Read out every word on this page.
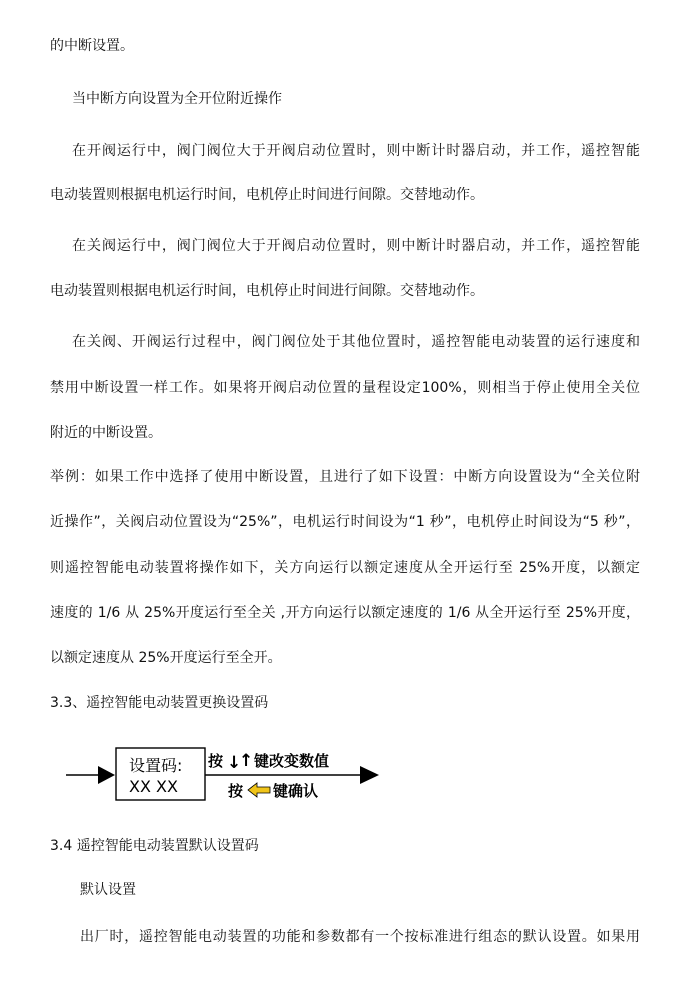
的中断设置。
当中断方向设置为全开位附近操作
在开阀运行中，阀门阀位大于开阀启动位置时，则中断计时器启动，并工作，遥控智能
电动装置则根据电机运行时间，电机停止时间进行间隙。交替地动作。
在关阀运行中，阀门阀位大于开阀启动位置时，则中断计时器启动，并工作，遥控智能
电动装置则根据电机运行时间，电机停止时间进行间隙。交替地动作。
在关阀、开阀运行过程中，阀门阀位处于其他位置时，遥控智能电动装置的运行速度和
禁用中断设置一样工作。如果将开阀启动位置的量程设定100%，则相当于停止使用全关位
附近的中断设置。
举例：如果工作中选择了使用中断设置，且进行了如下设置：中断方向设置设为“全关位附
近操作”，关阀启动位置设为“25%”，电机运行时间设为“1 秒”，电机停止时间设为“5 秒”，
则遥控智能电动装置将操作如下，关方向运行以额定速度从全开运行至 25%开度，以额定
速度的 1/6 从 25%开度运行至全关 ,开方向运行以额定速度的 1/6 从全开运行至 25%开度，
以额定速度从 25%开度运行至全开。
3.3、遥控智能电动装置更换设置码
设置码:
XX XX
按 ↓
↑ 键改变数值
按 键确认
3.4 遥控智能电动装置默认设置码
默认设置
出厂时，遥控智能电动装置的功能和参数都有一个按标准进行组态的默认设置。如果用
